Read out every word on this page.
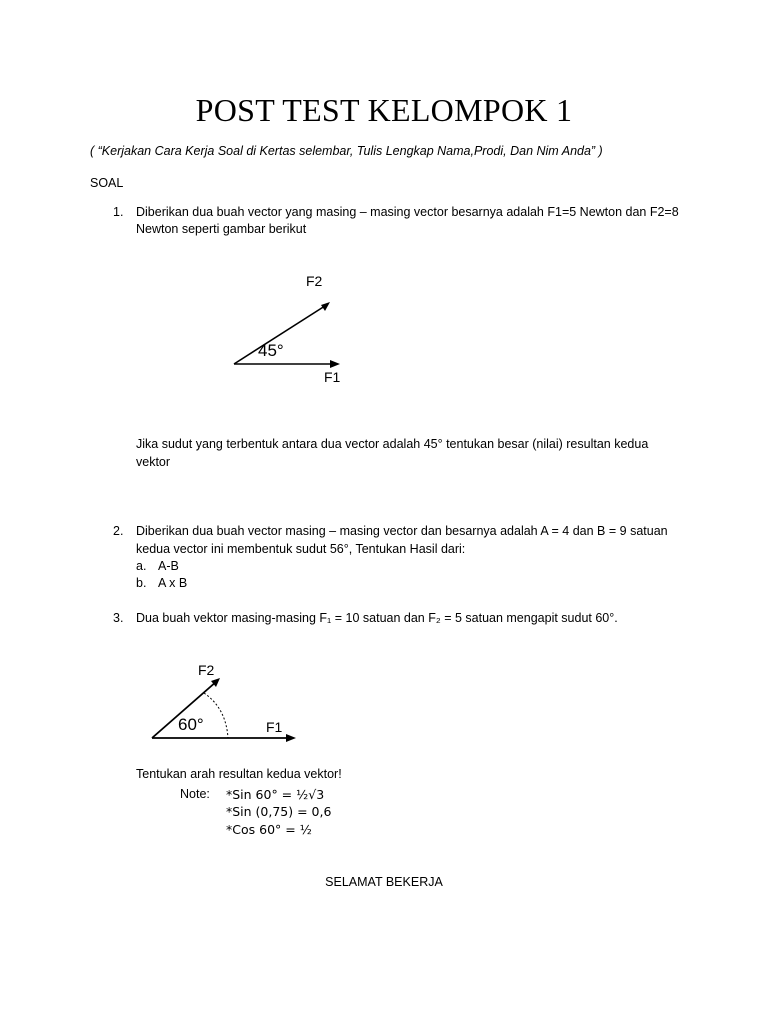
POST TEST KELOMPOK 1
( “Kerjakan Cara Kerja Soal di Kertas selembar, Tulis Lengkap Nama,Prodi, Dan Nim Anda” )
SOAL
1. Diberikan dua buah vector yang masing – masing vector besarnya adalah F1=5 Newton dan F2=8
Newton seperti gambar berikut
F2
F1
45°
Jika sudut yang terbentuk antara dua vector adalah 45° tentukan besar (nilai) resultan kedua
vektor
2. Diberikan dua buah vector masing – masing vector dan besarnya adalah A = 4 dan B = 9 satuan
kedua vector ini membentuk sudut 56°, Tentukan Hasil dari:
a. A-B
b. A x B
3. Dua buah vektor masing-masing F₁ = 10 satuan dan F₂ = 5 satuan mengapit sudut 60°.
F2
F1
60°
Tentukan arah resultan kedua vektor!
Note: *Sin 60° = ½√3
*Sin (0,75) = 0,6
*Cos 60° = ½
SELAMAT BEKERJA
